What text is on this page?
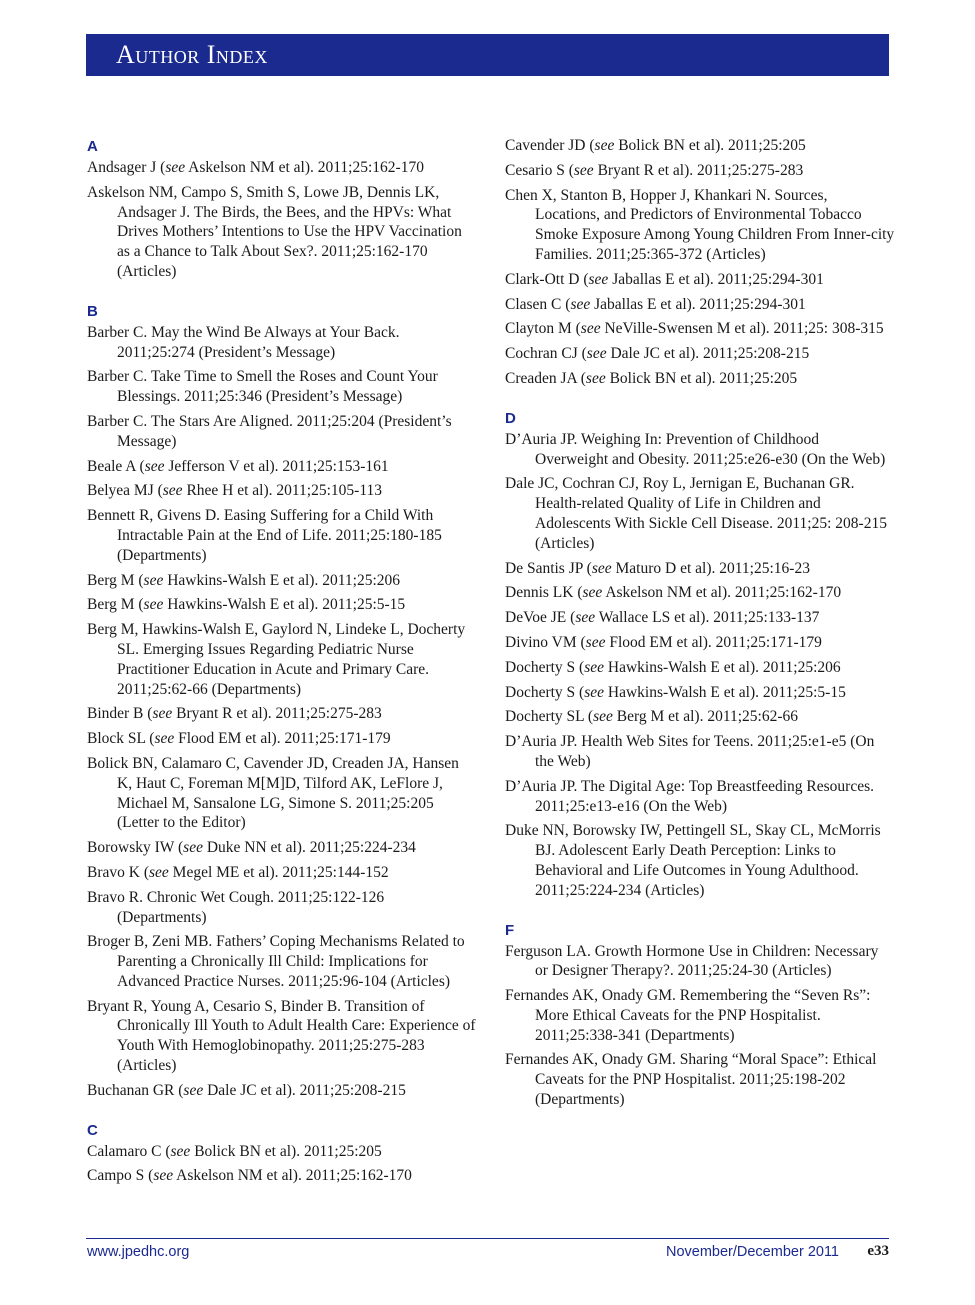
Author Index
A
Andsager J (see Askelson NM et al). 2011;25:162-170
Askelson NM, Campo S, Smith S, Lowe JB, Dennis LK, Andsager J. The Birds, the Bees, and the HPVs: What Drives Mothers’ Intentions to Use the HPV Vaccination as a Chance to Talk About Sex?. 2011;25:162-170 (Articles)
B
Barber C. May the Wind Be Always at Your Back. 2011;25:274 (President’s Message)
Barber C. Take Time to Smell the Roses and Count Your Blessings. 2011;25:346 (President’s Message)
Barber C. The Stars Are Aligned. 2011;25:204 (President’s Message)
Beale A (see Jefferson V et al). 2011;25:153-161
Belyea MJ (see Rhee H et al). 2011;25:105-113
Bennett R, Givens D. Easing Suffering for a Child With Intractable Pain at the End of Life. 2011;25:180-185 (Departments)
Berg M (see Hawkins-Walsh E et al). 2011;25:206
Berg M (see Hawkins-Walsh E et al). 2011;25:5-15
Berg M, Hawkins-Walsh E, Gaylord N, Lindeke L, Docherty SL. Emerging Issues Regarding Pediatric Nurse Practitioner Education in Acute and Primary Care. 2011;25:62-66 (Departments)
Binder B (see Bryant R et al). 2011;25:275-283
Block SL (see Flood EM et al). 2011;25:171-179
Bolick BN, Calamaro C, Cavender JD, Creaden JA, Hansen K, Haut C, Foreman M[M]D, Tilford AK, LeFlore J, Michael M, Sansalone LG, Simone S. 2011;25:205 (Letter to the Editor)
Borowsky IW (see Duke NN et al). 2011;25:224-234
Bravo K (see Megel ME et al). 2011;25:144-152
Bravo R. Chronic Wet Cough. 2011;25:122-126 (Departments)
Broger B, Zeni MB. Fathers’ Coping Mechanisms Related to Parenting a Chronically Ill Child: Implications for Advanced Practice Nurses. 2011;25:96-104 (Articles)
Bryant R, Young A, Cesario S, Binder B. Transition of Chronically Ill Youth to Adult Health Care: Experience of Youth With Hemoglobinopathy. 2011;25:275-283 (Articles)
Buchanan GR (see Dale JC et al). 2011;25:208-215
C
Calamaro C (see Bolick BN et al). 2011;25:205
Campo S (see Askelson NM et al). 2011;25:162-170
Cavender JD (see Bolick BN et al). 2011;25:205
Cesario S (see Bryant R et al). 2011;25:275-283
Chen X, Stanton B, Hopper J, Khankari N. Sources, Locations, and Predictors of Environmental Tobacco Smoke Exposure Among Young Children From Inner-city Families. 2011;25:365-372 (Articles)
Clark-Ott D (see Jaballas E et al). 2011;25:294-301
Clasen C (see Jaballas E et al). 2011;25:294-301
Clayton M (see NeVille-Swensen M et al). 2011;25: 308-315
Cochran CJ (see Dale JC et al). 2011;25:208-215
Creaden JA (see Bolick BN et al). 2011;25:205
D
D’Auria JP. Weighing In: Prevention of Childhood Overweight and Obesity. 2011;25:e26-e30 (On the Web)
Dale JC, Cochran CJ, Roy L, Jernigan E, Buchanan GR. Health-related Quality of Life in Children and Adolescents With Sickle Cell Disease. 2011;25: 208-215 (Articles)
De Santis JP (see Maturo D et al). 2011;25:16-23
Dennis LK (see Askelson NM et al). 2011;25:162-170
DeVoe JE (see Wallace LS et al). 2011;25:133-137
Divino VM (see Flood EM et al). 2011;25:171-179
Docherty S (see Hawkins-Walsh E et al). 2011;25:206
Docherty S (see Hawkins-Walsh E et al). 2011;25:5-15
Docherty SL (see Berg M et al). 2011;25:62-66
D’Auria JP. Health Web Sites for Teens. 2011;25:e1-e5 (On the Web)
D’Auria JP. The Digital Age: Top Breastfeeding Resources. 2011;25:e13-e16 (On the Web)
Duke NN, Borowsky IW, Pettingell SL, Skay CL, McMorris BJ. Adolescent Early Death Perception: Links to Behavioral and Life Outcomes in Young Adulthood. 2011;25:224-234 (Articles)
F
Ferguson LA. Growth Hormone Use in Children: Necessary or Designer Therapy?. 2011;25:24-30 (Articles)
Fernandes AK, Onady GM. Remembering the “Seven Rs”: More Ethical Caveats for the PNP Hospitalist. 2011;25:338-341 (Departments)
Fernandes AK, Onady GM. Sharing “Moral Space”: Ethical Caveats for the PNP Hospitalist. 2011;25:198-202 (Departments)
www.jpedhc.org	November/December 2011 e33
